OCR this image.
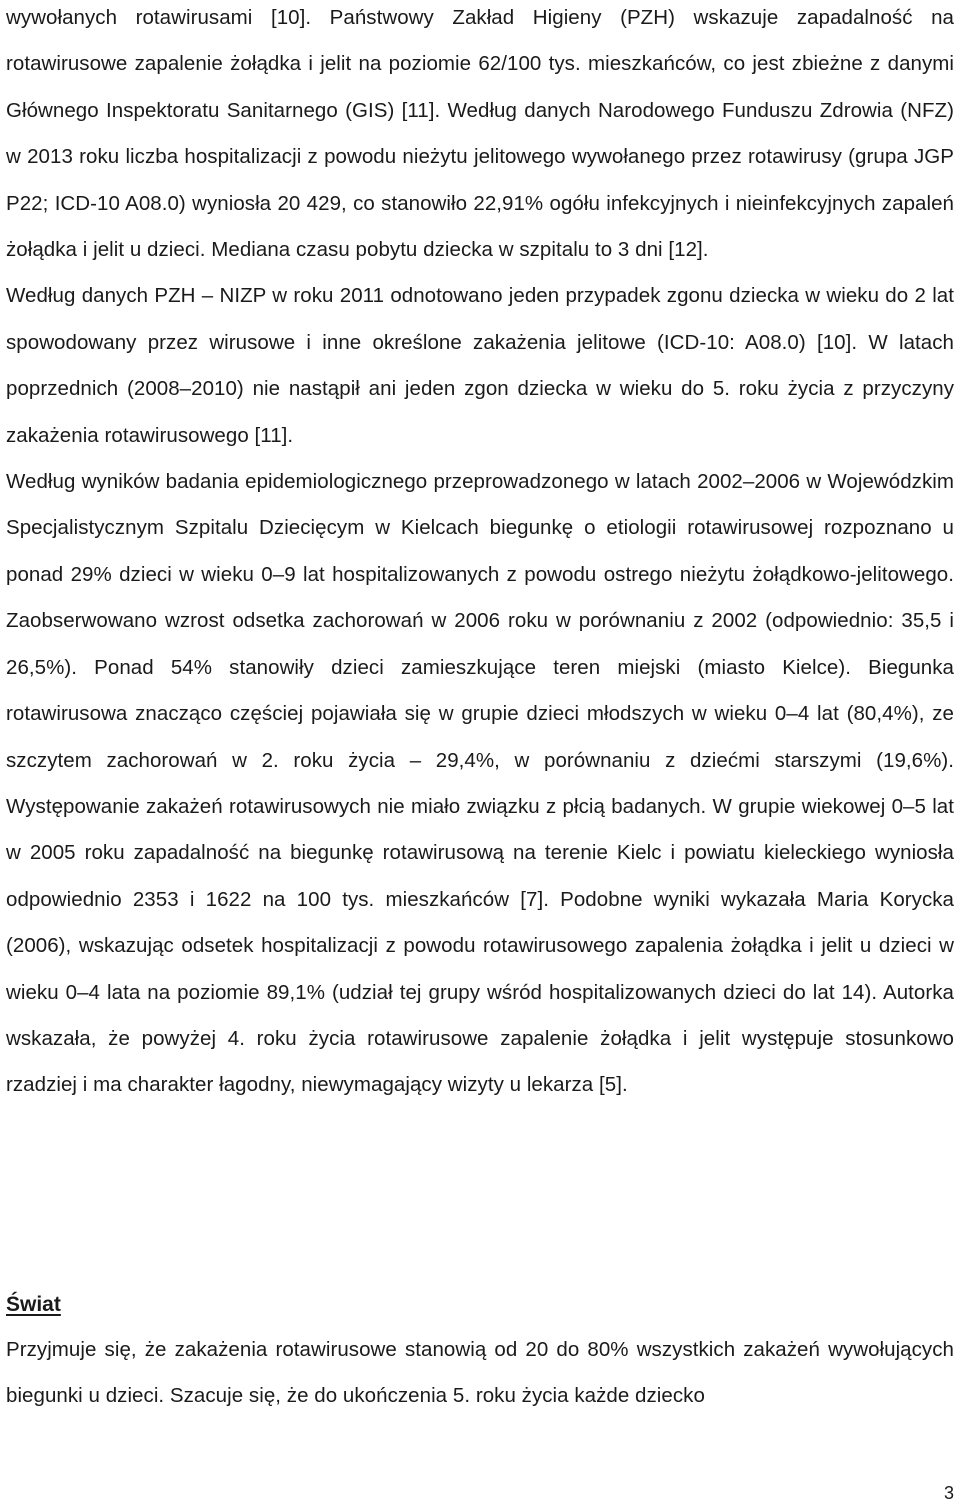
wywołanych rotawirusami [10]. Państwowy Zakład Higieny (PZH) wskazuje zapadalność na rotawirusowe zapalenie żołądka i jelit na poziomie 62/100 tys. mieszkańców, co jest zbieżne z danymi Głównego Inspektoratu Sanitarnego (GIS) [11]. Według danych Narodowego Funduszu Zdrowia (NFZ) w 2013 roku liczba hospitalizacji z powodu nieżytu jelitowego wywołanego przez rotawirusy (grupa JGP P22; ICD-10 A08.0) wyniosła 20 429, co stanowiło 22,91% ogółu infekcyjnych i nieinfekcyjnych zapaleń żołądka i jelit u dzieci. Mediana czasu pobytu dziecka w szpitalu to 3 dni [12].

Według danych PZH – NIZP w roku 2011 odnotowano jeden przypadek zgonu dziecka w wieku do 2 lat spowodowany przez wirusowe i inne określone zakażenia jelitowe (ICD-10: A08.0) [10]. W latach poprzednich (2008–2010) nie nastąpił ani jeden zgon dziecka w wieku do 5. roku życia z przyczyny zakażenia rotawirusowego [11].

Według wyników badania epidemiologicznego przeprowadzonego w latach 2002–2006 w Wojewódzkim Specjalistycznym Szpitalu Dziecięcym w Kielcach biegunkę o etiologii rotawirusowej rozpoznano u ponad 29% dzieci w wieku 0–9 lat hospitalizowanych z powodu ostrego nieżytu żołądkowo-jelitowego. Zaobserwowano wzrost odsetka zachorowań w 2006 roku w porównaniu z 2002 (odpowiednio: 35,5 i 26,5%). Ponad 54% stanowiły dzieci zamieszkujące teren miejski (miasto Kielce). Biegunka rotawirusowa znacząco częściej pojawiała się w grupie dzieci młodszych w wieku 0–4 lat (80,4%), ze szczytem zachorowań w 2. roku życia – 29,4%, w porównaniu z dziećmi starszymi (19,6%). Występowanie zakażeń rotawirusowych nie miało związku z płcią badanych. W grupie wiekowej 0–5 lat w 2005 roku zapadalność na biegunkę rotawirusową na terenie Kielc i powiatu kieleckiego wyniosła odpowiednio 2353 i 1622 na 100 tys. mieszkańców [7]. Podobne wyniki wykazała Maria Korycka (2006), wskazując odsetek hospitalizacji z powodu rotawirusowego zapalenia żołądka i jelit u dzieci w wieku 0–4 lata na poziomie 89,1% (udział tej grupy wśród hospitalizowanych dzieci do lat 14). Autorka wskazała, że powyżej 4. roku życia rotawirusowe zapalenie żołądka i jelit występuje stosunkowo rzadziej i ma charakter łagodny, niewymagający wizyty u lekarza [5].

Świat

Przyjmuje się, że zakażenia rotawirusowe stanowią od 20 do 80% wszystkich zakażeń wywołujących biegunki u dzieci. Szacuje się, że do ukończenia 5. roku życia każde dziecko

3
